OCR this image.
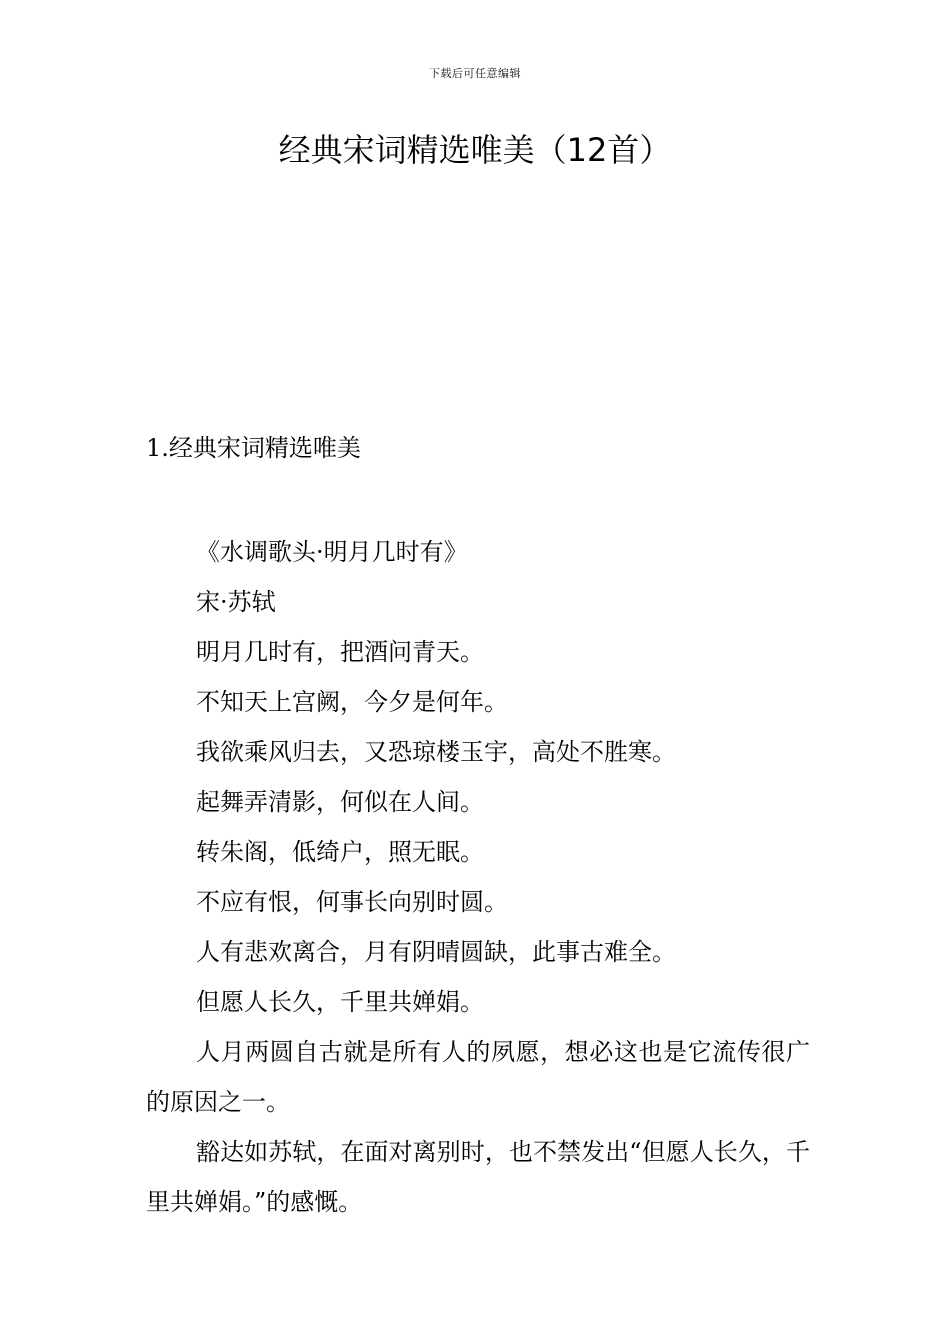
下载后可任意编辑
经典宋词精选唯美（12首）
1.经典宋词精选唯美
《水调歌头·明月几时有》
宋·苏轼
明月几时有，把酒问青天。
不知天上宫阙，今夕是何年。
我欲乘风归去，又恐琼楼玉宇，高处不胜寒。
起舞弄清影，何似在人间。
转朱阁，低绮户，照无眠。
不应有恨，何事长向别时圆。
人有悲欢离合，月有阴晴圆缺，此事古难全。
但愿人长久，千里共婵娟。

人月两圆自古就是所有人的夙愿，想必这也是它流传很广的原因之一。

豁达如苏轼，在面对离别时，也不禁发出“但愿人长久，千里共婵娟。”的感慨。
